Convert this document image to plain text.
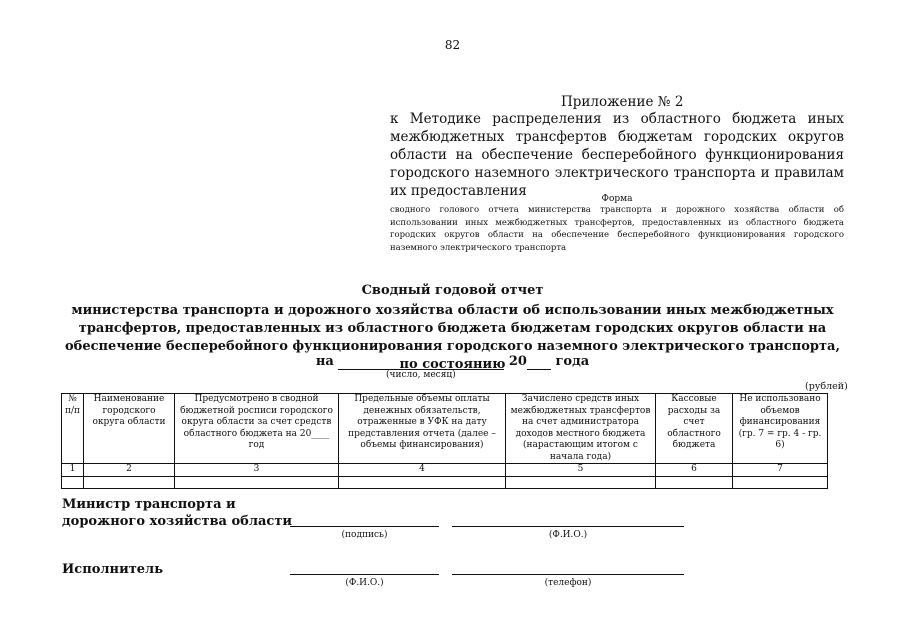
82
Приложение № 2
к Методике распределения из областного бюджета иных межбюджетных трансфертов бюджетам городских округов области на обеспечение бесперебойного функционирования городского наземного электрического транспорта и правилам их предоставления	Форма
сводного голового отчета министерства транспорта и дорожного хозяйства области об использовании иных межбюджетных трансфертов, предоставленных из областного бюджета городских округов области на обеспечение бесперебойного функционирования городского наземного электрического транспорта
Сводный годовой отчет
министерства транспорта и дорожного хозяйства области об использовании иных межбюджетных трансфертов, предоставленных из областного бюджета бюджетам городских округов области на обеспечение бесперебойного функционирования городского наземного электрического транспорта, по состоянию
на	20 года
(число, месяц)
(рублей)
№ п/п	Наименование городского округа области	Предусмотрено в сводной бюджетной росписи городского округа области за счет средств областного бюджета на 20____ год	Предельные объемы оплаты денежных обязательств, отраженные в УФК на дату представления отчета (далее – объемы финансирования)	Зачислено средств иных межбюджетных трансфертов на счет администратора доходов местного бюджета (нарастающим итогом с начала года)	Кассовые расходы за счет областного бюджета	Не использовано объемов финансирования (гр. 7 = гр. 4 - гр. 6)
1	2	3	4	5	6	7

Министр транспорта и дорожного хозяйства области
(подпись)	(Ф.И.О.)
Исполнитель
(Ф.И.О.)	(телефон)
